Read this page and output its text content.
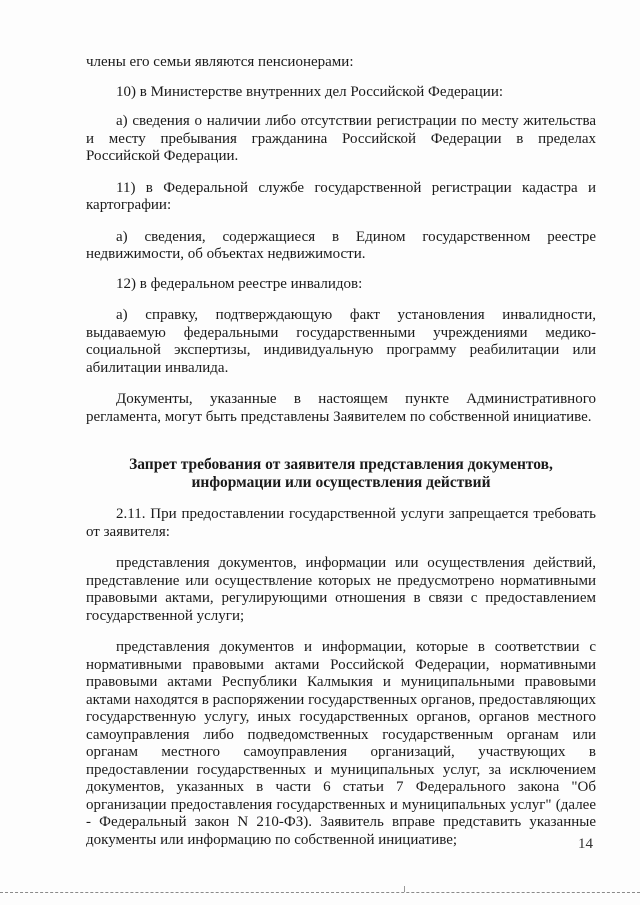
члены его семьи являются пенсионерами:

10) в Министерстве внутренних дел Российской Федерации:

а) сведения о наличии либо отсутствии регистрации по месту жительства и месту пребывания гражданина Российской Федерации в пределах Российской Федерации.

11) в Федеральной службе государственной регистрации кадастра и картографии:

а) сведения, содержащиеся в Едином государственном реестре недвижимости, об объектах недвижимости.

12) в федеральном реестре инвалидов:

а) справку, подтверждающую факт установления инвалидности, выдаваемую федеральными государственными учреждениями медико-социальной экспертизы, индивидуальную программу реабилитации или абилитации инвалида.

Документы, указанные в настоящем пункте Административного регламента, могут быть представлены Заявителем по собственной инициативе.

Запрет требования от заявителя представления документов, информации или осуществления действий

2.11. При предоставлении государственной услуги запрещается требовать от заявителя:

представления документов, информации или осуществления действий, представление или осуществление которых не предусмотрено нормативными правовыми актами, регулирующими отношения в связи с предоставлением государственной услуги;

представления документов и информации, которые в соответствии с нормативными правовыми актами Российской Федерации, нормативными правовыми актами Республики Калмыкия и муниципальными правовыми актами находятся в распоряжении государственных органов, предоставляющих государственную услугу, иных государственных органов, органов местного самоуправления либо подведомственных государственным органам или органам местного самоуправления организаций, участвующих в предоставлении государственных и муниципальных услуг, за исключением документов, указанных в части 6 статьи 7 Федерального закона "Об организации предоставления государственных и муниципальных услуг" (далее - Федеральный закон N 210-ФЗ). Заявитель вправе представить указанные документы или информацию по собственной инициативе;	14
